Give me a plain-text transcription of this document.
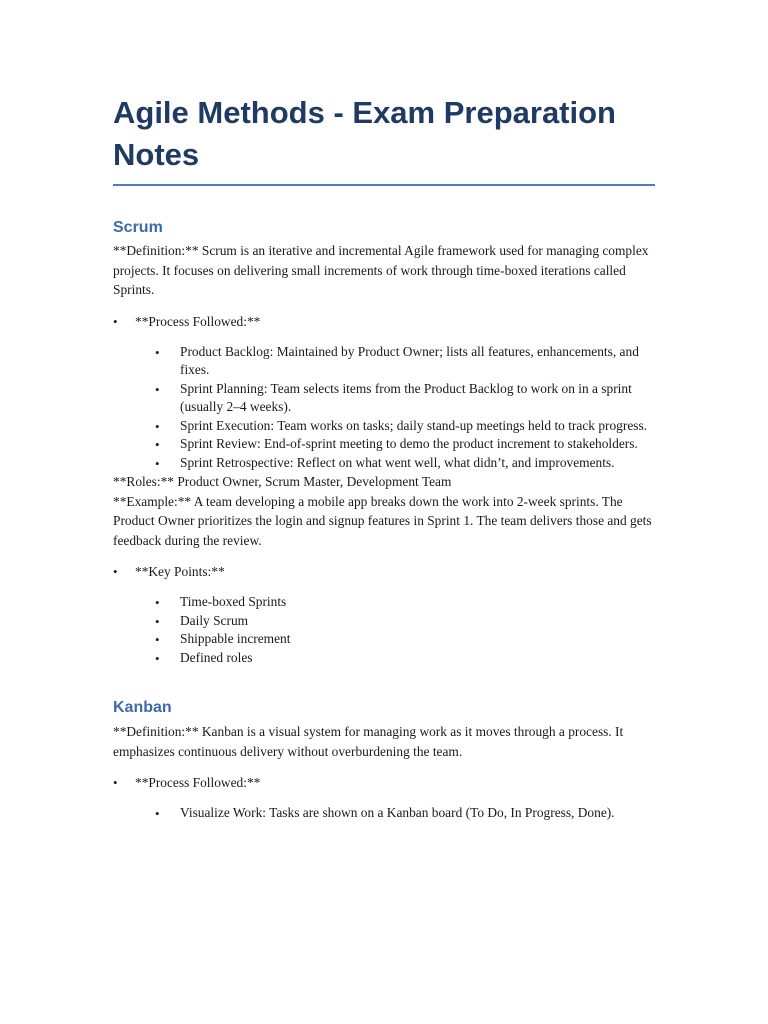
Agile Methods - Exam Preparation Notes
Scrum

**Definition:** Scrum is an iterative and incremental Agile framework used for managing complex projects. It focuses on delivering small increments of work through time-boxed iterations called Sprints.

• **Process Followed:**
• Product Backlog: Maintained by Product Owner; lists all features, enhancements, and fixes.
• Sprint Planning: Team selects items from the Product Backlog to work on in a sprint (usually 2–4 weeks).
• Sprint Execution: Team works on tasks; daily stand-up meetings held to track progress.
• Sprint Review: End-of-sprint meeting to demo the product increment to stakeholders.
• Sprint Retrospective: Reflect on what went well, what didn’t, and improvements.

**Roles:** Product Owner, Scrum Master, Development Team

**Example:** A team developing a mobile app breaks down the work into 2-week sprints. The Product Owner prioritizes the login and signup features in Sprint 1. The team delivers those and gets feedback during the review.

• **Key Points:**
• Time-boxed Sprints
• Daily Scrum
• Shippable increment
• Defined roles
Kanban

**Definition:** Kanban is a visual system for managing work as it moves through a process. It emphasizes continuous delivery without overburdening the team.

• **Process Followed:**
• Visualize Work: Tasks are shown on a Kanban board (To Do, In Progress, Done).
